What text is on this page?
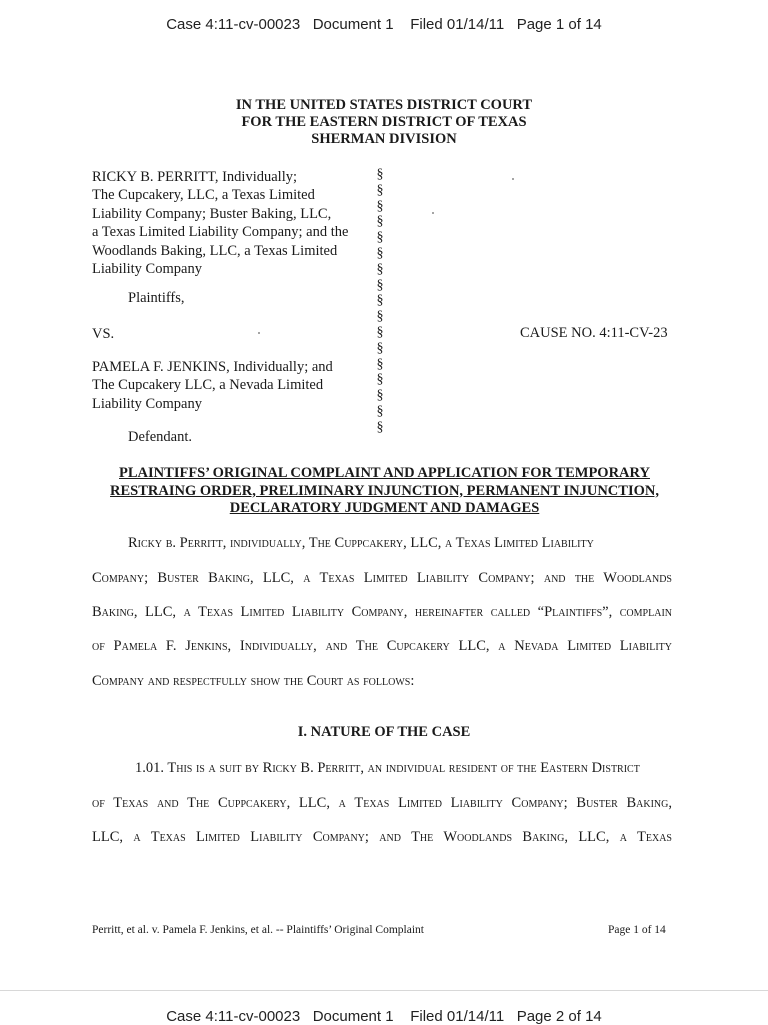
Case 4:11-cv-00023   Document 1    Filed 01/14/11   Page 1 of 14
IN THE UNITED STATES DISTRICT COURT
FOR THE EASTERN DISTRICT OF TEXAS
SHERMAN DIVISION
RICKY B. PERRITT, Individually;
The Cupcakery, LLC, a Texas Limited
Liability Company; Buster Baking, LLC,
a Texas Limited Liability Company; and the
Woodlands Baking, LLC, a Texas Limited
Liability Company
Plaintiffs,
VS.	CAUSE NO. 4:11-CV-23
PAMELA F. JENKINS, Individually; and
The Cupcakery LLC, a Nevada Limited
Liability Company
Defendant.
§
§
§
§
§
§
§
§
§
§
§
§
§
§
§
§
§
PLAINTIFFS’ ORIGINAL COMPLAINT AND APPLICATION FOR TEMPORARY
RESTRAING ORDER, PRELIMINARY INJUNCTION, PERMANENT INJUNCTION,
DECLARATORY JUDGMENT AND DAMAGES
Ricky b. Perritt, individually, The Cuppcakery, LLC, a Texas Limited Liability
Company; Buster Baking, LLC, a Texas Limited Liability Company; and the Woodlands
Baking, LLC, a Texas Limited Liability Company, hereinafter called “Plaintiffs”, complain
of Pamela F. Jenkins, Individually, and The Cupcakery LLC, a Nevada Limited Liability
Company and respectfully show the Court as follows:
I. NATURE OF THE CASE
1.01. This is a suit by Ricky B. Perritt, an individual resident of the Eastern District
of Texas and The Cuppcakery, LLC, a Texas Limited Liability Company; Buster Baking,
LLC, a Texas Limited Liability Company; and The Woodlands Baking, LLC, a Texas
Perritt, et al. v. Pamela F. Jenkins, et al. -- Plaintiffs’ Original Complaint	Page 1 of 14
Case 4:11-cv-00023   Document 1    Filed 01/14/11   Page 2 of 14
